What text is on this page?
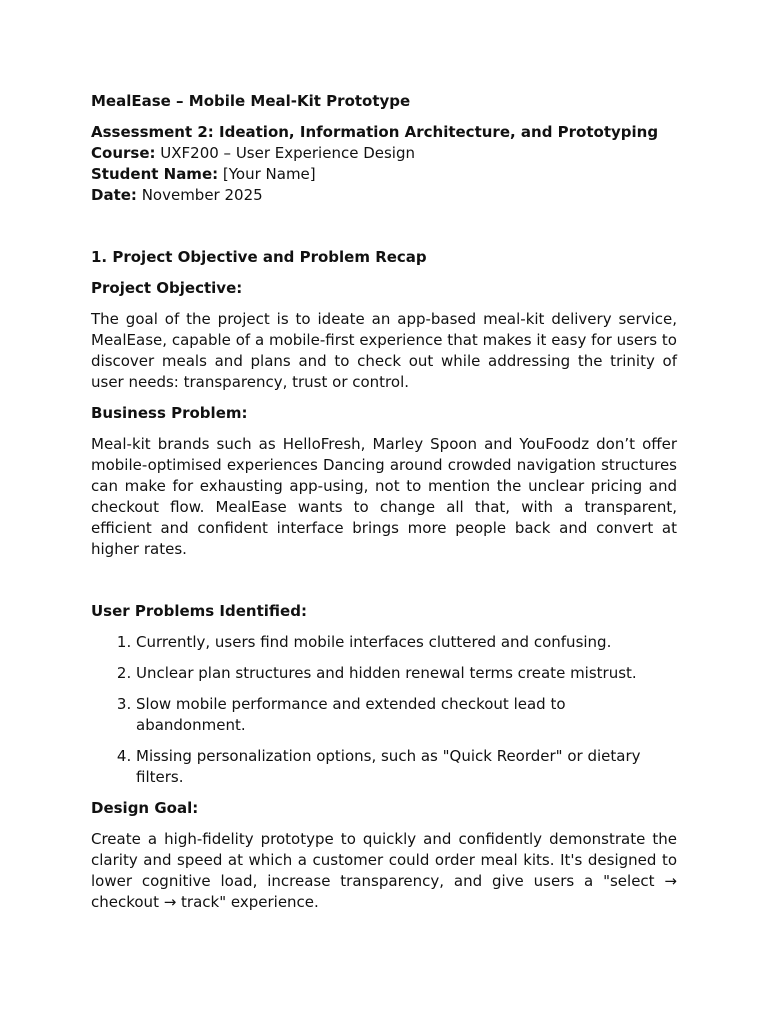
MealEase – Mobile Meal-Kit Prototype
Assessment 2: Ideation, Information Architecture, and Prototyping
Course: UXF200 – User Experience Design
Student Name: [Your Name]
Date: November 2025
1. Project Objective and Problem Recap
Project Objective:

The goal of the project is to ideate an app-based meal-kit delivery service, MealEase, capable of a mobile-first experience that makes it easy for users to discover meals and plans and to check out while addressing the trinity of user needs: transparency, trust or control.

Business Problem:

Meal-kit brands such as HelloFresh, Marley Spoon and YouFoodz don’t offer mobile-optimised experiences Dancing around crowded navigation structures can make for exhausting app-using, not to mention the unclear pricing and checkout flow. MealEase wants to change all that, with a transparent, efficient and confident interface brings more people back and convert at higher rates.

User Problems Identified:
1. Currently, users find mobile interfaces cluttered and confusing.
2. Unclear plan structures and hidden renewal terms create mistrust.
3. Slow mobile performance and extended checkout lead to abandonment.
4. Missing personalization options, such as "Quick Reorder" or dietary filters.
Design Goal:

Create a high-fidelity prototype to quickly and confidently demonstrate the clarity and speed at which a customer could order meal kits. It's designed to lower cognitive load, increase transparency, and give users a "select → checkout → track" experience.
